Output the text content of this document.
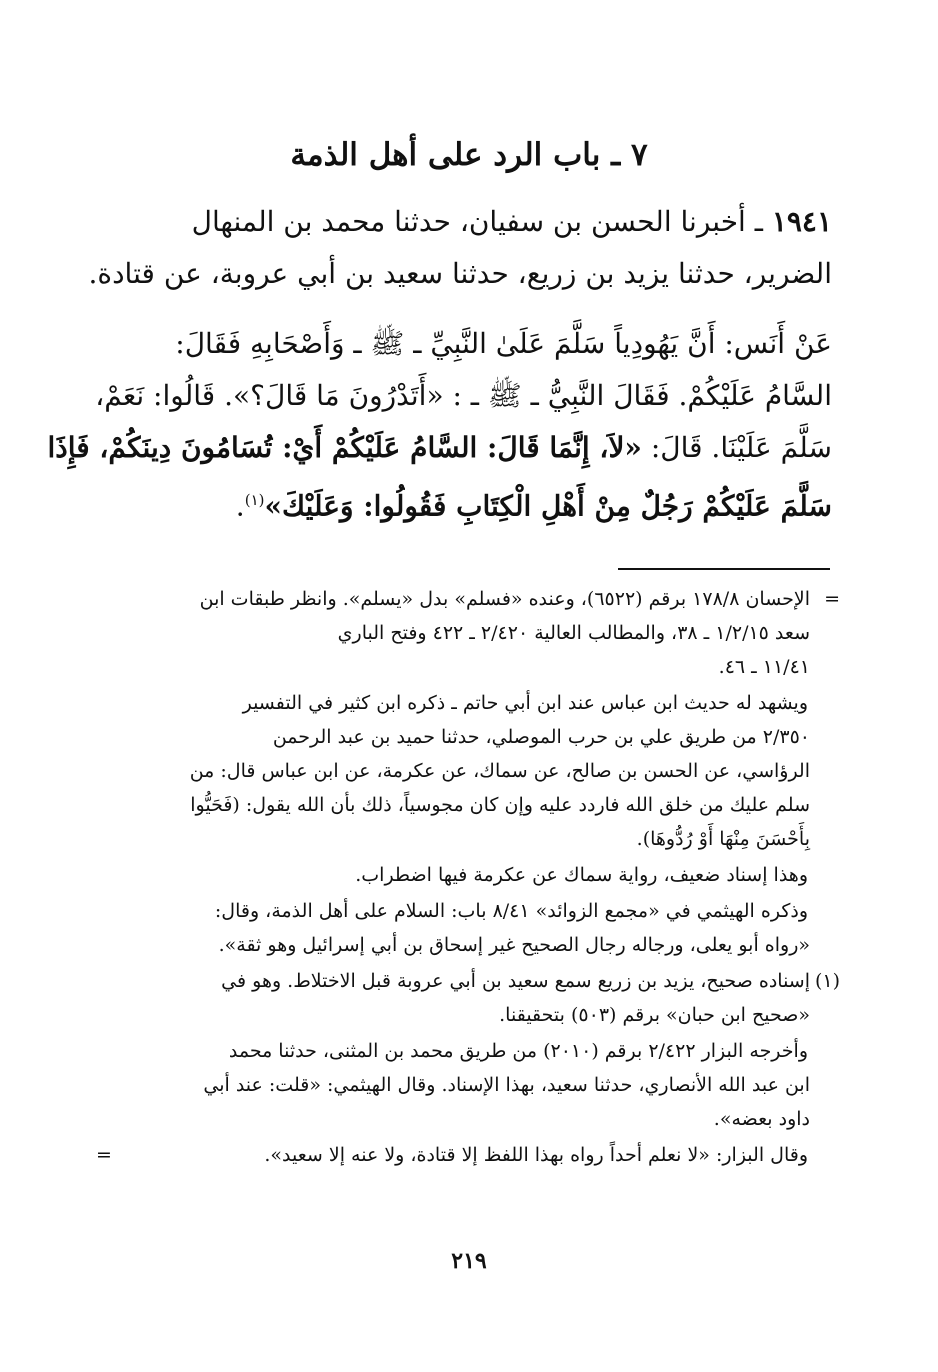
٧ ـ باب الرد على أهل الذمة
١٩٤١ ـ أخبرنا الحسن بن سفيان، حدثنا محمد بن المنهال
الضرير، حدثنا يزيد بن زريع، حدثنا سعيد بن أبي عروبة، عن قتادة.
عَنْ أَنَس: أَنَّ يَهُودِياً سَلَّمَ عَلَىٰ النَّبِيِّ ـ ﷺ ـ وَأَصْحَابِهِ فَقَالَ:
السَّامُ عَلَيْكُمْ. فَقَالَ النَّبِيُّ ـ ﷺ ـ : «أَتَدْرُونَ مَا قَالَ؟». قَالُوا: نَعَمْ،
سَلَّمَ عَلَيْنَا. قَالَ: «لاَ، إِنَّمَا قَالَ: السَّامُ عَلَيْكُمْ أَيْ: تُسَامُونَ دِينَكُمْ، فَإِذَا
سَلَّمَ عَلَيْكُمْ رَجُلٌ مِنْ أَهْلِ الْكِتَابِ فَقُولُوا: وَعَلَيْكَ»$^{(١)}$.
=الإحسان ١٧٨/٨ برقم (٦٥٢٢)، وعنده «فسلم» بدل «يسلم». وانظر طبقات ابن
سعد ١/٢/١٥ ـ ٣٨، والمطالب العالية ٢/٤٢٠ ـ ٤٢٢ وفتح الباري
١١/٤١ ـ ٤٦.
ويشهد له حديث ابن عباس عند ابن أبي حاتم ـ ذكره ابن كثير في التفسير
٢/٣٥٠ من طريق علي بن حرب الموصلي، حدثنا حميد بن عبد الرحمن
الرؤاسي، عن الحسن بن صالح، عن سماك، عن عكرمة، عن ابن عباس قال: من
سلم عليك من خلق الله فاردد عليه وإن كان مجوسياً، ذلك بأن الله يقول: (فَحَيُّوا
بِأَحْسَنَ مِنْهَا أَوْ رُدُّوهَا).
وهذا إسناد ضعيف، رواية سماك عن عكرمة فيها اضطراب.
وذكره الهيثمي في «مجمع الزوائد» ٨/٤١ باب: السلام على أهل الذمة، وقال:
«رواه أبو يعلى، ورجاله رجال الصحيح غير إسحاق بن أبي إسرائيل وهو ثقة».
(١)إسناده صحيح، يزيد بن زريع سمع سعيد بن أبي عروبة قبل الاختلاط. وهو في
«صحيح ابن حبان» برقم (٥٠٣) بتحقيقنا.
وأخرجه البزار ٢/٤٢٢ برقم (٢٠١٠) من طريق محمد بن المثنى، حدثنا محمد
ابن عبد الله الأنصاري، حدثنا سعيد، بهذا الإسناد. وقال الهيثمي: «قلت: عند أبي
داود بعضه».
وقال البزار: «لا نعلم أحداً رواه بهذا اللفظ إلا قتادة، ولا عنه إلا سعيد».
=
٢١٩
